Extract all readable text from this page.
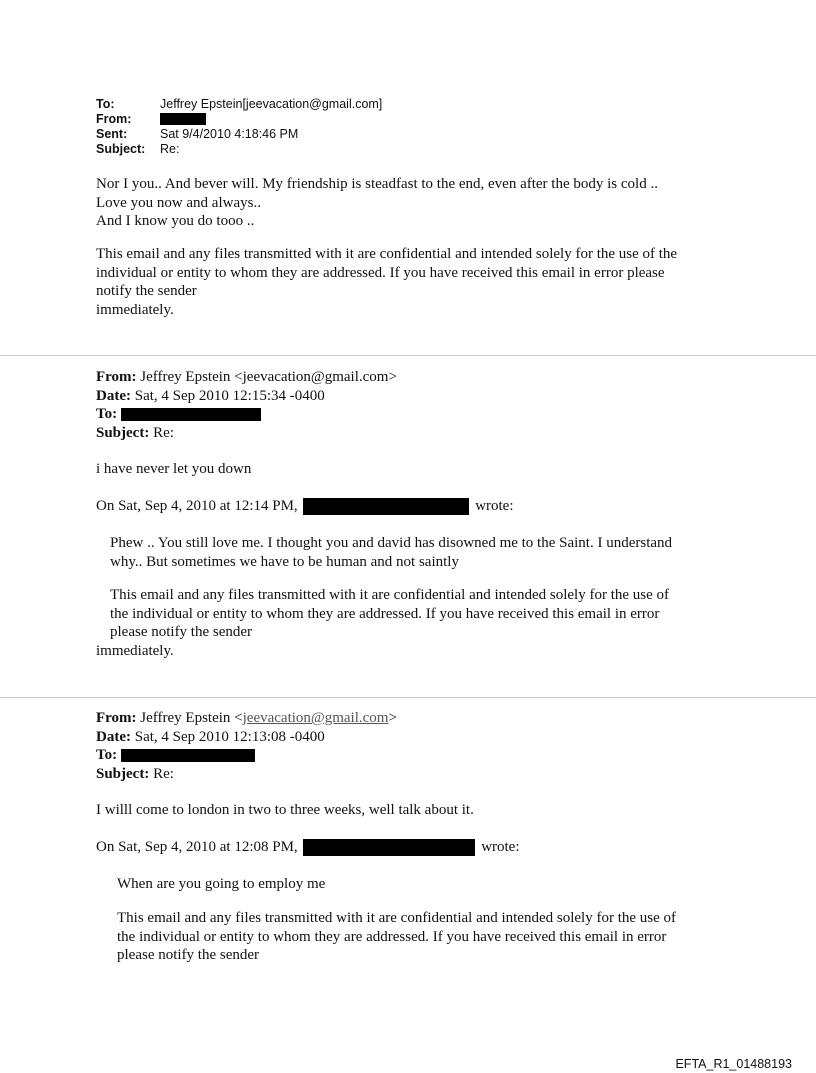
To:	Jeffrey Epstein[jeevacation@gmail.com]
From:
Sent:	Sat 9/4/2010 4:18:46 PM
Subject:	Re:
Nor I you.. And bever will. My friendship is steadfast to the end, even after the body is cold ..
Love you now and always..
And I know you do tooo ..
This email and any files transmitted with it are confidential and intended solely for the use of the
individual or entity to whom they are addressed. If you have received this email in error please
notify the sender
immediately.
From: Jeffrey Epstein <jeevacation@gmail.com>
Date: Sat, 4 Sep 2010 12:15:34 -0400
To:
Subject: Re:
i have never let you down
On Sat, Sep 4, 2010 at 12:14 PM,	wrote:
Phew .. You still love me. I thought you and david has disowned me to the Saint. I understand
why.. But sometimes we have to be human and not saintly
This email and any files transmitted with it are confidential and intended solely for the use of
the individual or entity to whom they are addressed. If you have received this email in error
please notify the sender
immediately.
From: Jeffrey Epstein <jeevacation@gmail.com>
Date: Sat, 4 Sep 2010 12:13:08 -0400
To:
Subject: Re:
I willl come to london in two to three weeks, well talk about it.
On Sat, Sep 4, 2010 at 12:08 PM,	wrote:
When are you going to employ me
This email and any files transmitted with it are confidential and intended solely for the use of
the individual or entity to whom they are addressed. If you have received this email in error
please notify the sender
EFTA_R1_01488193
